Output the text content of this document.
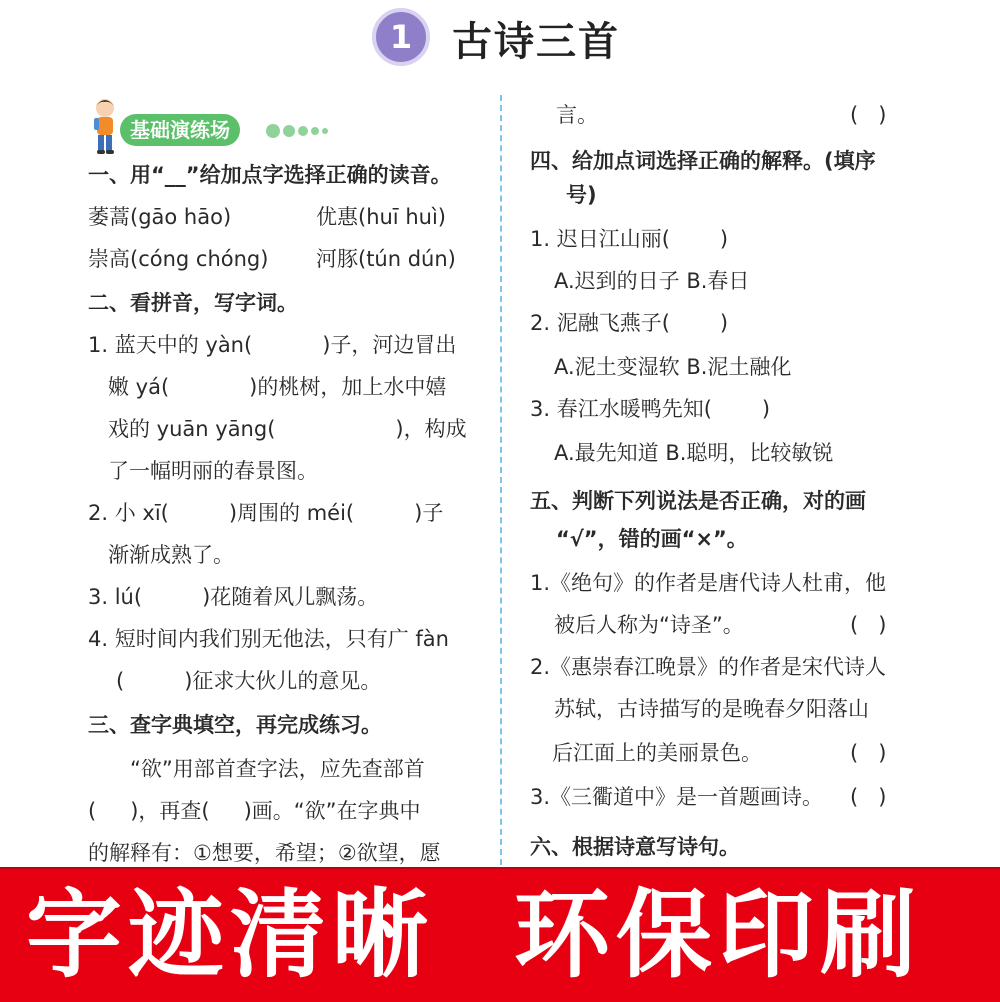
1 古诗三首
基础演练场
一、用“__”给加点字选择正确的读音。
萎蒿(gāo hāo)	优惠(huī huì)
崇高(cóng chóng) 河豚(tún dún)
二、看拼音，写字词。
1. 蓝天中的 yàn(	)子，河边冒出
嫩 yá(	)的桃树，加上水中嬉
戏的 yuān yāng(	)，构成
了一幅明丽的春景图。
2. 小 xī(	)周围的 méi(	)子
渐渐成熟了。
3. lú(	)花随着风儿飘荡。
4. 短时间内我们别无他法，只有广 fàn
(	)征求大伙儿的意见。
三、查字典填空，再完成练习。
“欲”用部首查字法，应先查部首
( )，再查( )画。“欲”在字典中
的解释有：①想要，希望；②欲望，愿
言。	(   )
四、给加点词选择正确的解释。(填序
号)
1. 迟日江山丽( )
A.迟到的日子 B.春日
2. 泥融飞燕子( )
A.泥土变湿软 B.泥土融化
3. 春江水暖鸭先知( )
A.最先知道 B.聪明，比较敏锐
五、判断下列说法是否正确，对的画
“√”，错的画“×”。
1.《绝句》的作者是唐代诗人杜甫，他
被后人称为“诗圣”。	(   )
2.《惠崇春江晚景》的作者是宋代诗人
苏轼，古诗描写的是晚春夕阳落山
后江面上的美丽景色。	(   )
3.《三衢道中》是一首题画诗。 (   )
六、根据诗意写诗句。
字迹清晰 环保印刷
